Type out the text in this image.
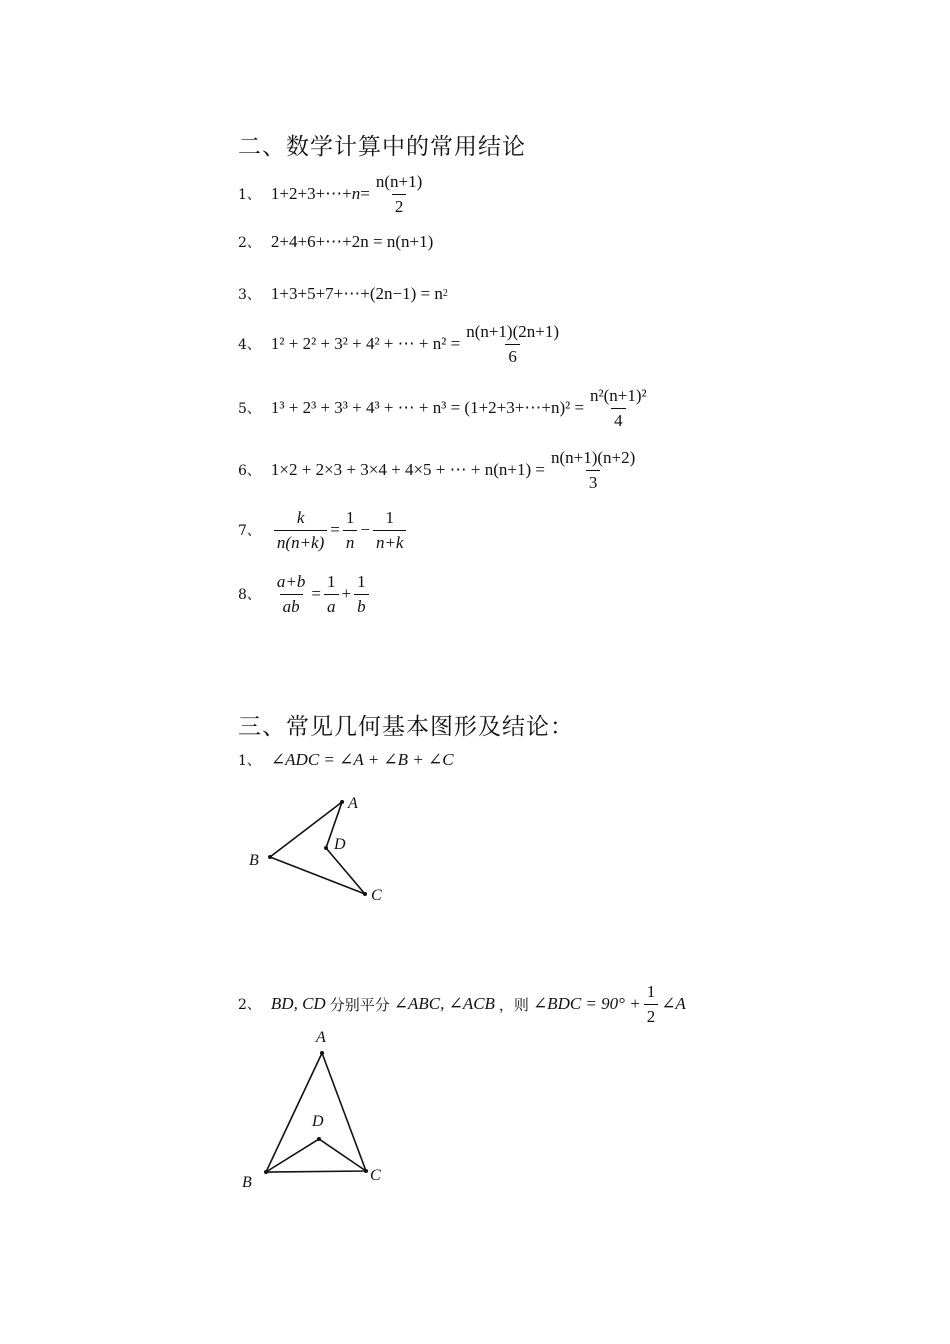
二、数学计算中的常用结论
1、 1+2+3+⋯+ $n = \frac{n(n+1)}{2}$
2、 2+4+6+⋯+2n = n(n+1)
3、 1+3+5+7+⋯+(2n−1) = n 2
4、 1² + 2² + 3² + 4² + ⋯ + $n^2 = \frac{n(n+1)(2n+1)}{6}$
5、 1³ + 2³ + 3³ + 4³ + ⋯ + n³ = (1+2+3+⋯+n)² = $\frac{\text{n²(n+1)²}}{4}$
6、 1×2 + 2×3 + 3×4 + 4×5 + ⋯ + $n(n+1) = \frac{n(n+1)(n+2)}{3}$
7、 $\frac{k}{n(n+k)} = \frac{1}{n} - \frac{1}{n+k}$
8、 $\frac{a+b}{ab} = \frac{1}{a} + \frac{1}{b}$
三、常见几何基本图形及结论：
1、 ∠ADC = ∠A + ∠B + ∠C
A
B
C
D
2、 BD, CD 分别平分 ∠ABC, ∠ACB ，则 ∠BDC = $90^\circ + \frac{1}{2}$ ∠A
A
B	C
D
